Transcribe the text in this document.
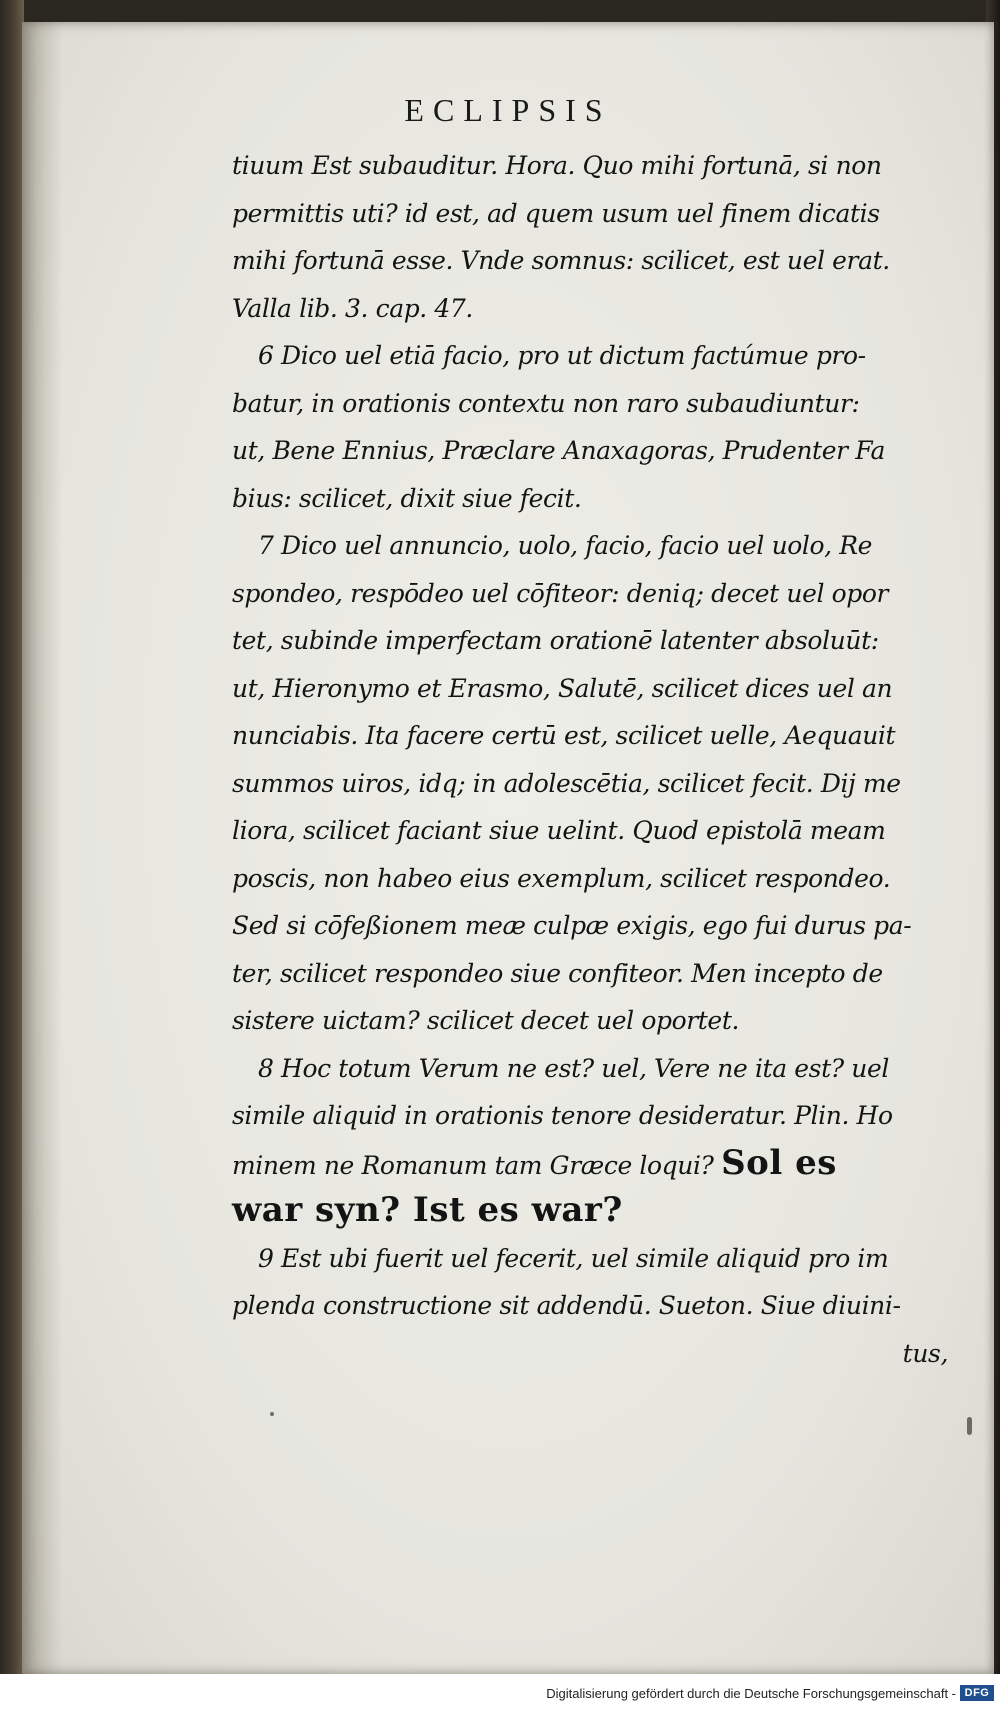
ECLIPSIS
tiuum Est subauditur. Hora. Quo mihi fortunā, si non
permittis uti? id est, ad quem usum uel finem dicatis
mihi fortunā esse. Vnde somnus: scilicet, est uel erat.
Valla lib. 3. cap. 47.
6 Dico uel etiā facio, pro ut dictum factúmue pro-
batur, in orationis contextu non raro subaudiuntur:
ut, Bene Ennius, Præclare Anaxagoras, Prudenter Fa
bius: scilicet, dixit siue fecit.
7 Dico uel annuncio, uolo, facio, facio uel uolo, Re
spondeo, respōdeo uel cōfiteor: deniq; decet uel opor
tet, subinde imperfectam orationē latenter absoluūt:
ut, Hieronymo et Erasmo, Salutē, scilicet dices uel an
nunciabis. Ita facere certū est, scilicet uelle, Aequauit
summos uiros, idq; in adolescētia, scilicet fecit. Dij me
liora, scilicet faciant siue uelint. Quod epistolā meam
poscis, non habeo eius exemplum, scilicet respondeo.
Sed si cōfeßionem meæ culpæ exigis, ego fui durus pa-
ter, scilicet respondeo siue confiteor. Men incepto de
sistere uictam? scilicet decet uel oportet.
8 Hoc totum Verum ne est? uel, Vere ne ita est? uel
simile aliquid in orationis tenore desideratur. Plin. Ho
minem ne Romanum tam Græce loqui? Sol es
war syn? Ist es war?
9 Est ubi fuerit uel fecerit, uel simile aliquid pro im
plenda constructione sit addendū. Sueton. Siue diuini-
tus,
Digitalisierung gefördert durch die Deutsche Forschungsgemeinschaft - DFG
